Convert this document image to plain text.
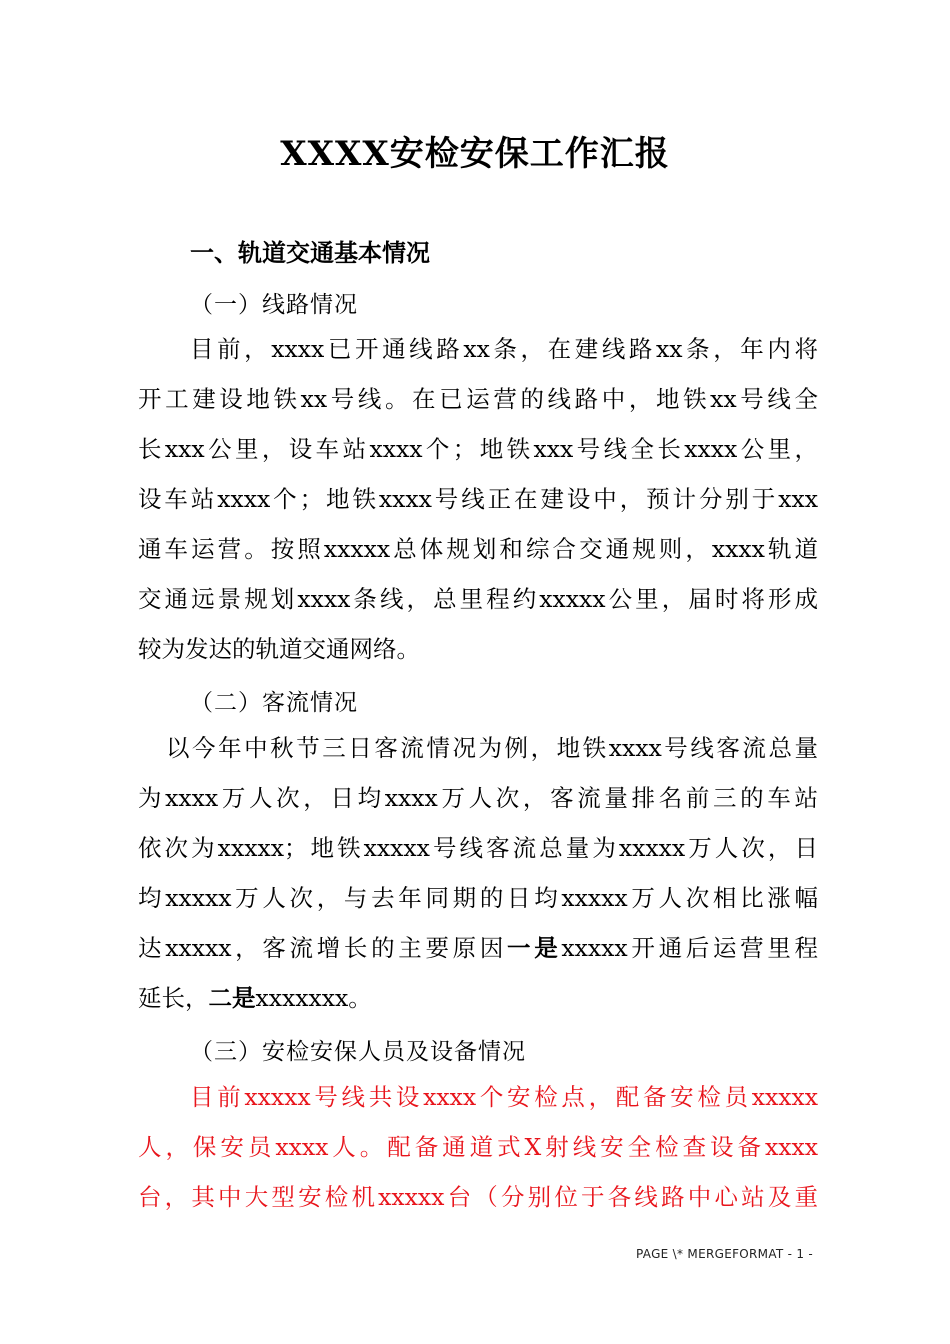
XXXX安检安保工作汇报
一、轨道交通基本情况
（一）线路情况
目前，xxxx已开通线路xx条，在建线路xx条，年内将
开工建设地铁xx号线。在已运营的线路中，地铁xx号线全
长xxx公里，设车站xxxx个；地铁xxx号线全长xxxx公里，
设车站xxxx个；地铁xxxx号线正在建设中，预计分别于xxx
通车运营。按照xxxxx总体规划和综合交通规则，xxxx轨道
交通远景规划xxxx条线，总里程约xxxxx公里，届时将形成
较为发达的轨道交通网络。
（二）客流情况
以今年中秋节三日客流情况为例，地铁xxxx号线客流总量
为xxxx万人次，日均xxxx万人次，客流量排名前三的车站
依次为xxxxx；地铁xxxxx号线客流总量为xxxxx万人次，日
均xxxxx万人次，与去年同期的日均xxxxx万人次相比涨幅
达xxxxx，客流增长的主要原因一是xxxxx开通后运营里程
延长，二是xxxxxxx。
（三）安检安保人员及设备情况
目前xxxxx号线共设xxxx个安检点，配备安检员xxxxx
人，保安员xxxx人。配备通道式X射线安全检查设备xxxx
台，其中大型安检机xxxxx台（分别位于各线路中心站及重
PAGE \* MERGEFORMAT - 1 -
